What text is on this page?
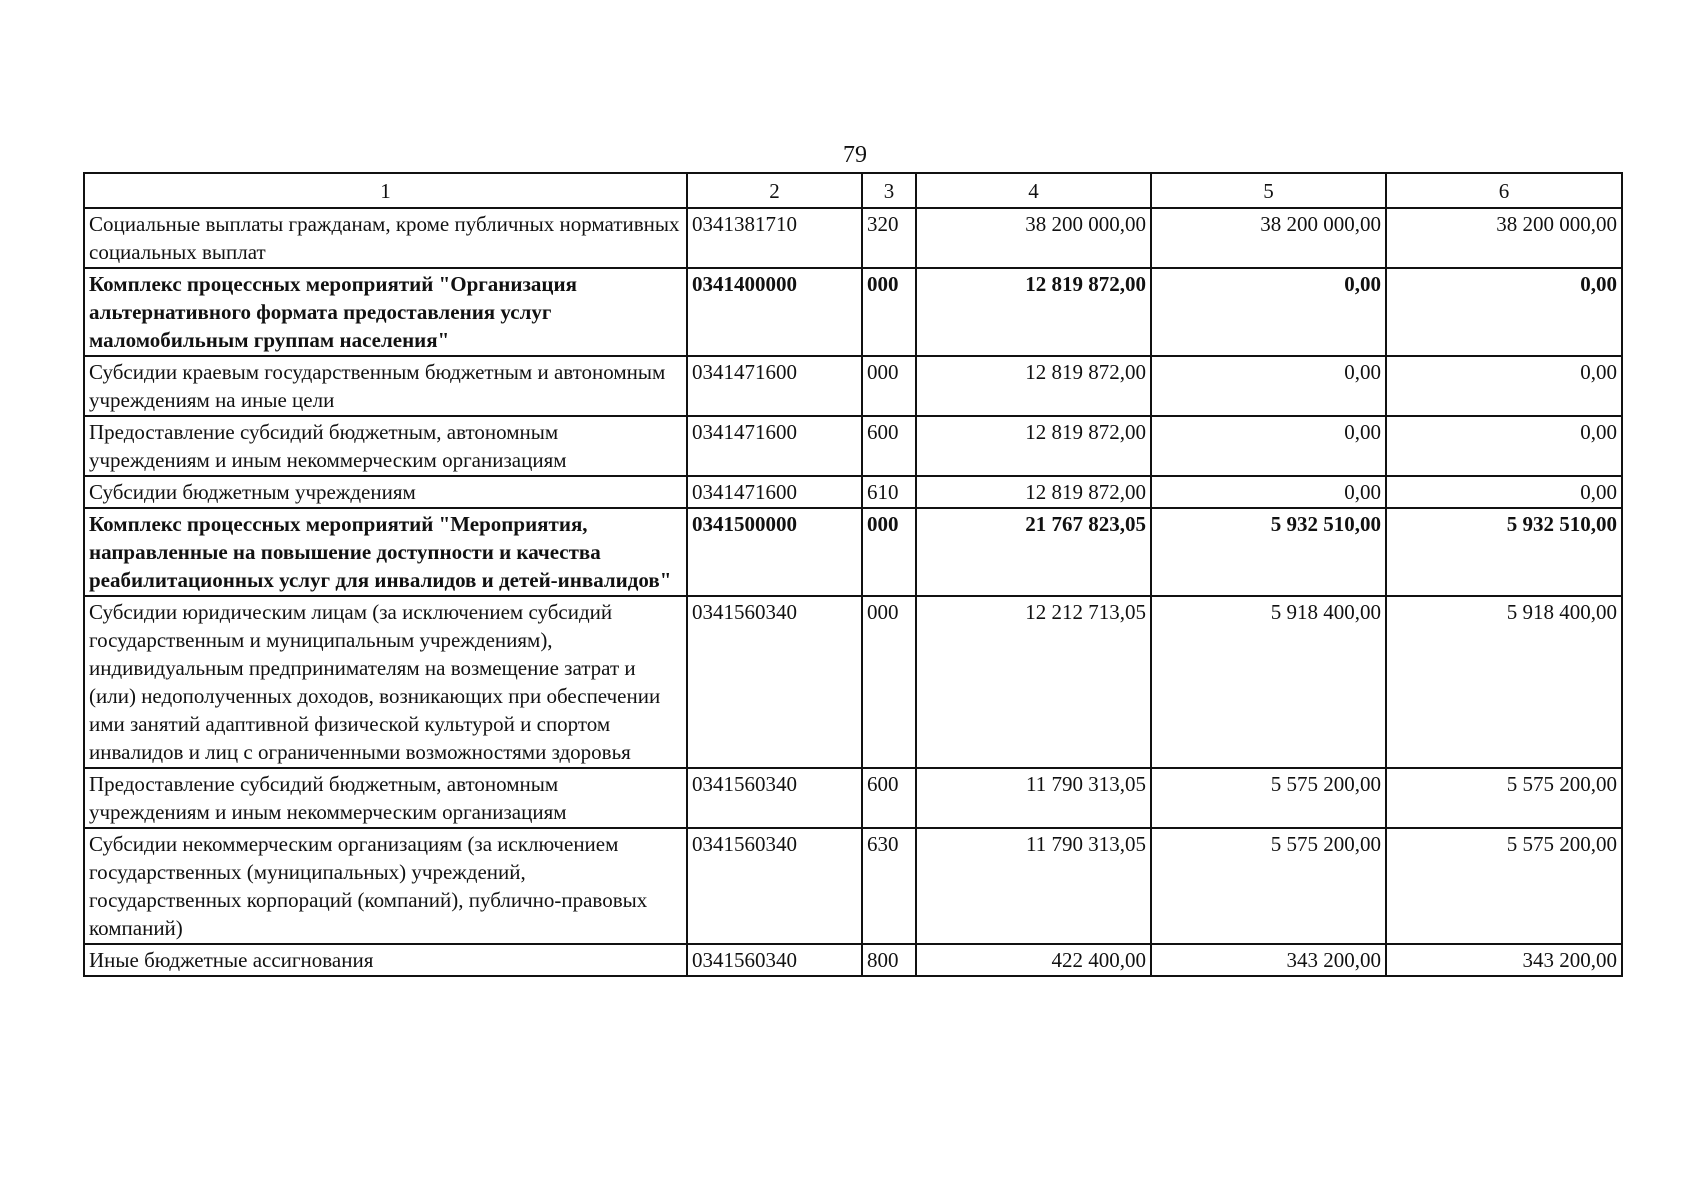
79
1	2	3	4	5	6
Социальные выплаты гражданам, кроме публичных нормативных социальных выплат	0341381710	320	38 200 000,00	38 200 000,00	38 200 000,00
Комплекс процессных мероприятий "Организация альтернативного формата предоставления услуг маломобильным группам населения"	0341400000	000	12 819 872,00	0,00	0,00
Субсидии краевым государственным бюджетным и автономным учреждениям на иные цели	0341471600	000	12 819 872,00	0,00	0,00
Предоставление субсидий бюджетным, автономным учреждениям и иным некоммерческим организациям	0341471600	600	12 819 872,00	0,00	0,00
Субсидии бюджетным учреждениям	0341471600	610	12 819 872,00	0,00	0,00
Комплекс процессных мероприятий "Мероприятия, направленные на повышение доступности и качества реабилитационных услуг для инвалидов и детей-инвалидов"	0341500000	000	21 767 823,05	5 932 510,00	5 932 510,00
Субсидии юридическим лицам (за исключением субсидий государственным и муниципальным учреждениям), индивидуальным предпринимателям на возмещение затрат и (или) недополученных доходов, возникающих при обеспечении ими занятий адаптивной физической культурой и спортом инвалидов и лиц с ограниченными возможностями здоровья	0341560340	000	12 212 713,05	5 918 400,00	5 918 400,00
Предоставление субсидий бюджетным, автономным учреждениям и иным некоммерческим организациям	0341560340	600	11 790 313,05	5 575 200,00	5 575 200,00
Субсидии некоммерческим организациям (за исключением государственных (муниципальных) учреждений, государственных корпораций (компаний), публично-правовых компаний)	0341560340	630	11 790 313,05	5 575 200,00	5 575 200,00
Иные бюджетные ассигнования	0341560340	800	422 400,00	343 200,00	343 200,00
